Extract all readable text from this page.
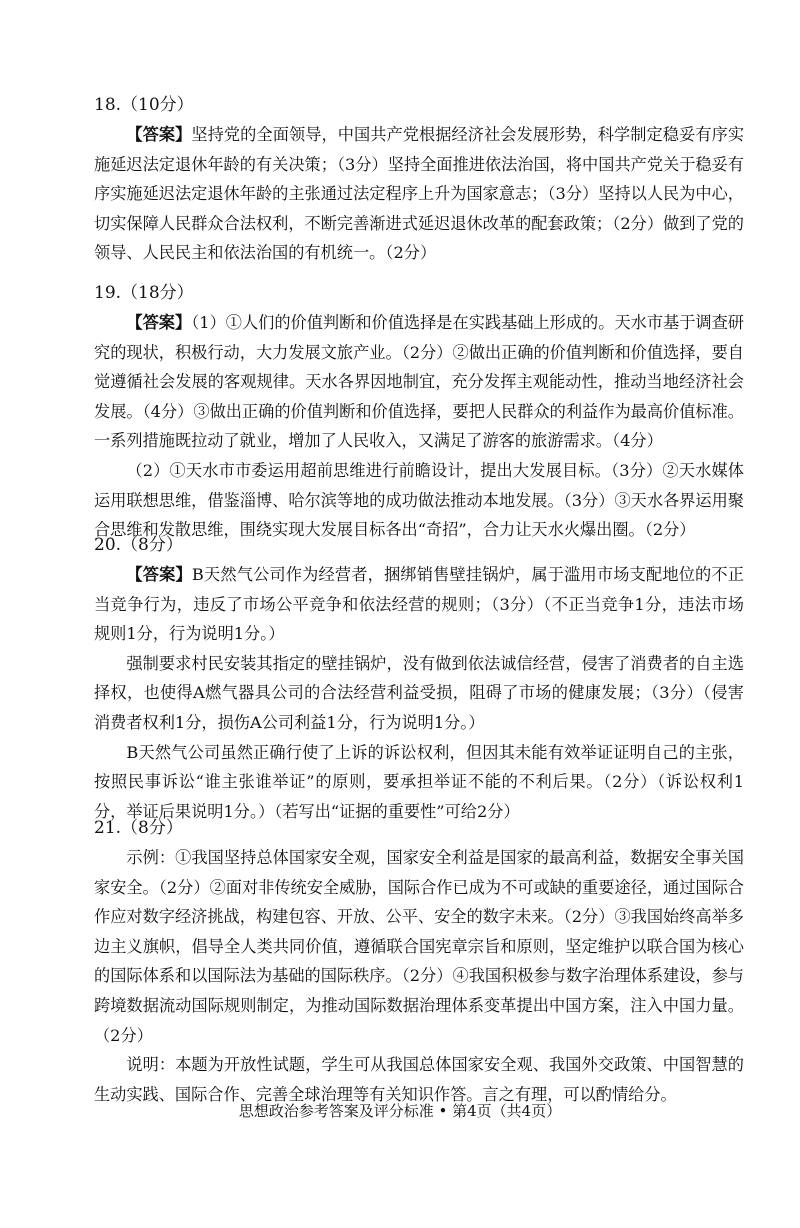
18.（10分）

【答案】坚持党的全面领导，中国共产党根据经济社会发展形势，科学制定稳妥有序实施延迟法定退休年龄的有关决策；（3分）坚持全面推进依法治国，将中国共产党关于稳妥有序实施延迟法定退休年龄的主张通过法定程序上升为国家意志；（3分）坚持以人民为中心，切实保障人民群众合法权利，不断完善渐进式延迟退休改革的配套政策；（2分）做到了党的领导、人民民主和依法治国的有机统一。（2分）

19.（18分）

【答案】（1）①人们的价值判断和价值选择是在实践基础上形成的。天水市基于调查研究的现状，积极行动，大力发展文旅产业。（2分）②做出正确的价值判断和价值选择，要自觉遵循社会发展的客观规律。天水各界因地制宜，充分发挥主观能动性，推动当地经济社会发展。（4分）③做出正确的价值判断和价值选择，要把人民群众的利益作为最高价值标准。一系列措施既拉动了就业，增加了人民收入，又满足了游客的旅游需求。（4分）

（2）①天水市市委运用超前思维进行前瞻设计，提出大发展目标。（3分）②天水媒体运用联想思维，借鉴淄博、哈尔滨等地的成功做法推动本地发展。（3分）③天水各界运用聚合思维和发散思维，围绕实现大发展目标各出“奇招”，合力让天水火爆出圈。（2分）

20.（8分）

【答案】B天然气公司作为经营者，捆绑销售壁挂锅炉，属于滥用市场支配地位的不正当竞争行为，违反了市场公平竞争和依法经营的规则；（3分）（不正当竞争1分，违法市场规则1分，行为说明1分。）

强制要求村民安装其指定的壁挂锅炉，没有做到依法诚信经营，侵害了消费者的自主选择权，也使得A燃气器具公司的合法经营利益受损，阻碍了市场的健康发展；（3分）（侵害消费者权利1分，损伤A公司利益1分，行为说明1分。）

B天然气公司虽然正确行使了上诉的诉讼权利，但因其未能有效举证证明自己的主张，按照民事诉讼“谁主张谁举证”的原则，要承担举证不能的不利后果。（2分）（诉讼权利1分，举证后果说明1分。）（若写出“证据的重要性”可给2分）

21.（8分）

示例：①我国坚持总体国家安全观，国家安全利益是国家的最高利益，数据安全事关国家安全。（2分）②面对非传统安全威胁，国际合作已成为不可或缺的重要途径，通过国际合作应对数字经济挑战，构建包容、开放、公平、安全的数字未来。（2分）③我国始终高举多边主义旗帜，倡导全人类共同价值，遵循联合国宪章宗旨和原则，坚定维护以联合国为核心的国际体系和以国际法为基础的国际秩序。（2分）④我国积极参与数字治理体系建设，参与跨境数据流动国际规则制定，为推动国际数据治理体系变革提出中国方案，注入中国力量。（2分）

说明：本题为开放性试题，学生可从我国总体国家安全观、我国外交政策、中国智慧的生动实践、国际合作、完善全球治理等有关知识作答。言之有理，可以酌情给分。

思想政治参考答案及评分标准 • 第4页（共4页）
